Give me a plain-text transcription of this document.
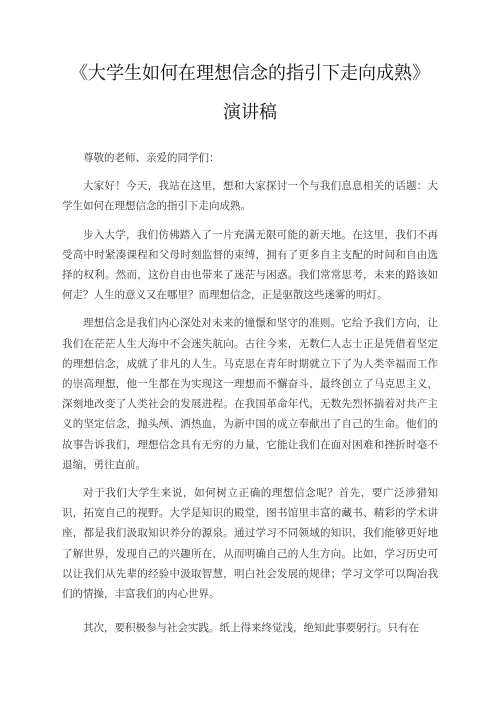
《大学生如何在理想信念的指引下走向成熟》
演讲稿

尊敬的老师、亲爱的同学们：

大家好！今天，我站在这里，想和大家探讨一个与我们息息相关的话题：大学生如何在理想信念的指引下走向成熟。

步入大学，我们仿佛踏入了一片充满无限可能的新天地。在这里，我们不再受高中时紧凑课程和父母时刻监督的束缚，拥有了更多自主支配的时间和自由选择的权利。然而，这份自由也带来了迷茫与困惑。我们常常思考，未来的路该如何走？人生的意义又在哪里？而理想信念，正是驱散这些迷雾的明灯。

理想信念是我们内心深处对未来的憧憬和坚守的准则。它给予我们方向，让我们在茫茫人生大海中不会迷失航向。古往今来，无数仁人志士正是凭借着坚定的理想信念，成就了非凡的人生。马克思在青年时期就立下了为人类幸福而工作的崇高理想，他一生都在为实现这一理想而不懈奋斗，最终创立了马克思主义，深刻地改变了人类社会的发展进程。在我国革命年代，无数先烈怀揣着对共产主义的坚定信念，抛头颅、洒热血，为新中国的成立奉献出了自己的生命。他们的故事告诉我们，理想信念具有无穷的力量，它能让我们在面对困难和挫折时毫不退缩，勇往直前。

对于我们大学生来说，如何树立正确的理想信念呢？首先，要广泛涉猎知识，拓宽自己的视野。大学是知识的殿堂，图书馆里丰富的藏书、精彩的学术讲座，都是我们汲取知识养分的源泉。通过学习不同领域的知识，我们能够更好地了解世界，发现自己的兴趣所在，从而明确自己的人生方向。比如，学习历史可以让我们从先辈的经验中汲取智慧，明白社会发展的规律；学习文学可以陶冶我们的情操，丰富我们的内心世界。

其次，要积极参与社会实践。纸上得来终觉浅，绝知此事要躬行。只有在
